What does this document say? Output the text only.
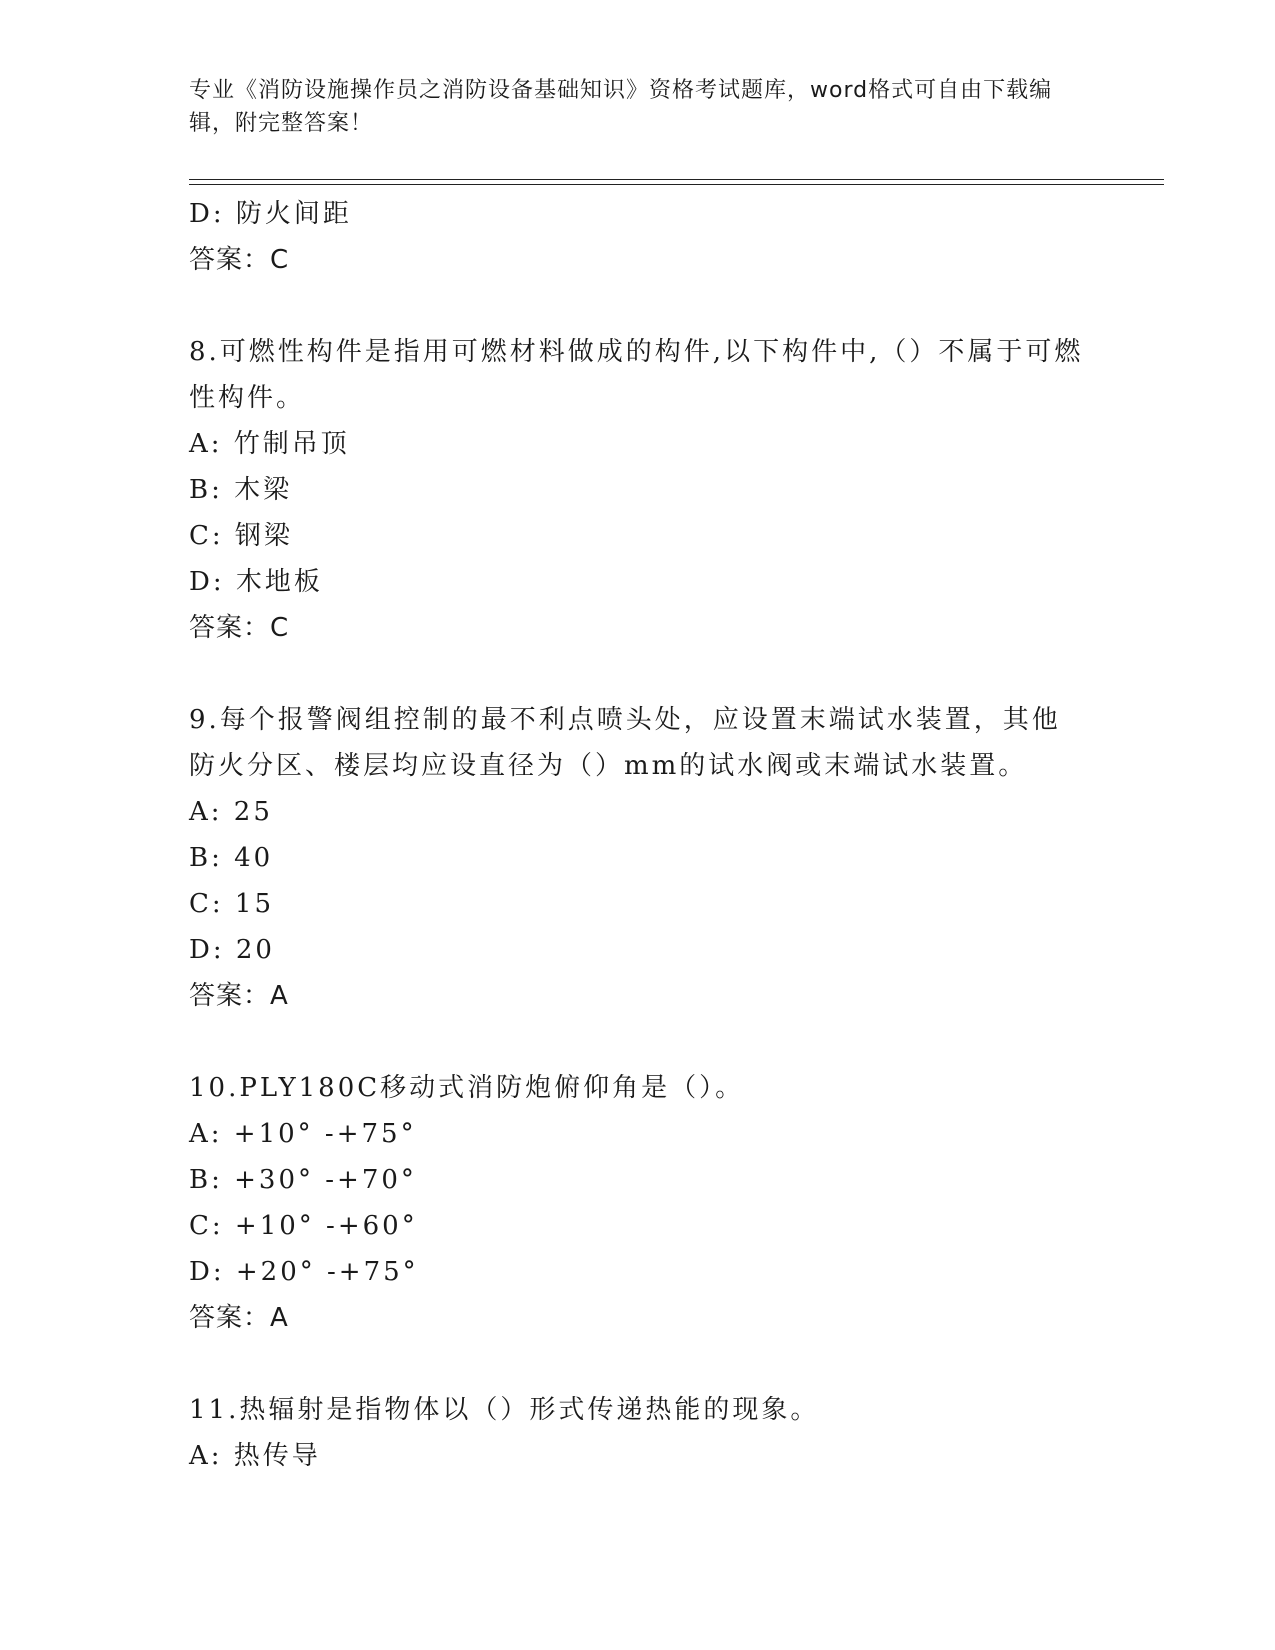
专业《消防设施操作员之消防设备基础知识》资格考试题库，word格式可自由下载编辑，附完整答案！
D: 防火间距
答案：C
8.可燃性构件是指用可燃材料做成的构件,以下构件中,（）不属于可燃性构件。
A: 竹制吊顶
B: 木梁
C: 钢梁
D: 木地板
答案：C
9.每个报警阀组控制的最不利点喷头处，应设置末端试水装置，其他防火分区、楼层均应设直径为（）mm的试水阀或末端试水装置。
A: 25
B: 40
C: 15
D: 20
答案：A
10.PLY180C移动式消防炮俯仰角是（）。
A: +10° -+75°
B: +30° -+70°
C: +10° -+60°
D: +20° -+75°
答案：A
11.热辐射是指物体以（）形式传递热能的现象。
A: 热传导
